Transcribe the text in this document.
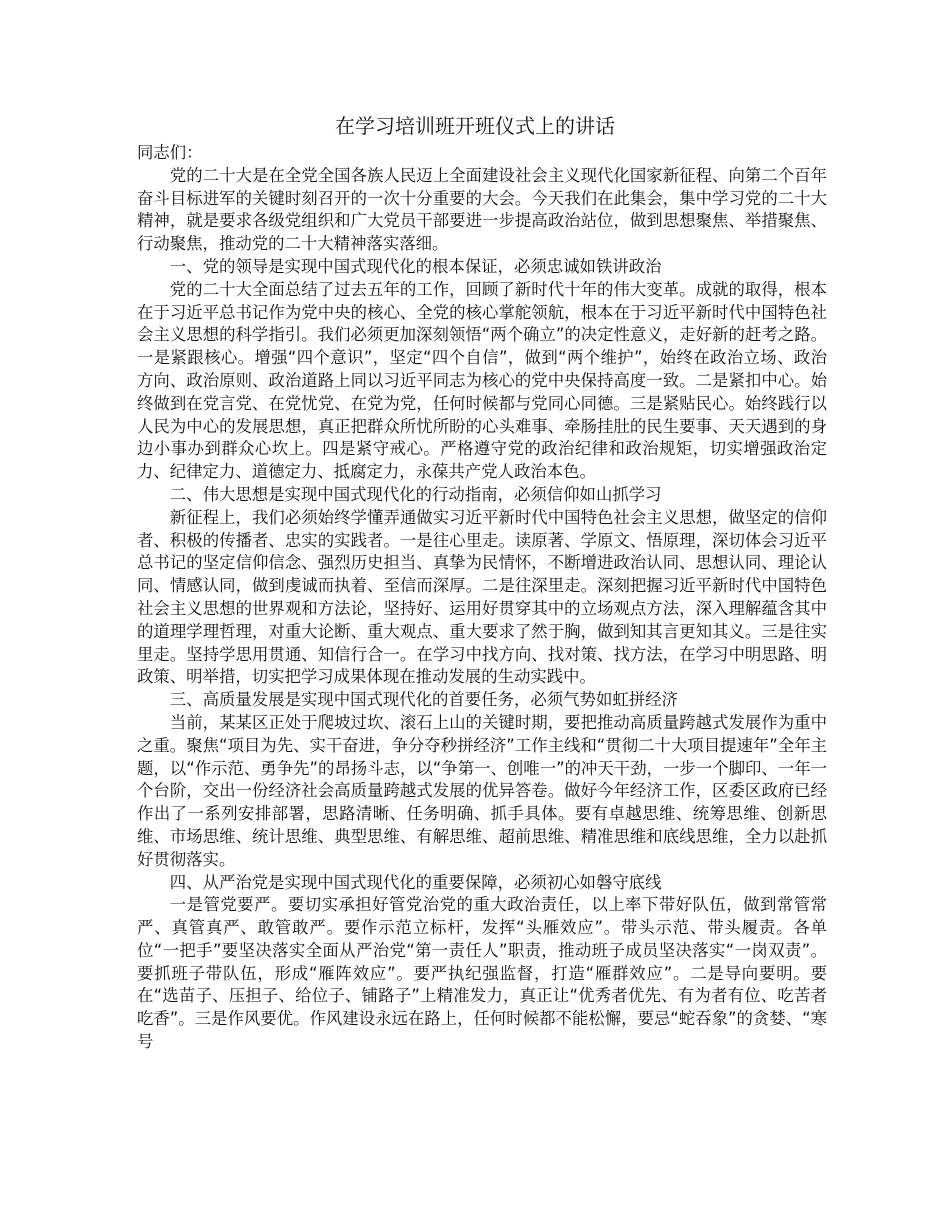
在学习培训班开班仪式上的讲话

同志们：

党的二十大是在全党全国各族人民迈上全面建设社会主义现代化国家新征程、向第二个百年奋斗目标进军的关键时刻召开的一次十分重要的大会。今天我们在此集会，集中学习党的二十大精神，就是要求各级党组织和广大党员干部要进一步提高政治站位，做到思想聚焦、举措聚焦、行动聚焦，推动党的二十大精神落实落细。

一、党的领导是实现中国式现代化的根本保证，必须忠诚如铁讲政治

党的二十大全面总结了过去五年的工作，回顾了新时代十年的伟大变革。成就的取得，根本在于习近平总书记作为党中央的核心、全党的核心掌舵领航，根本在于习近平新时代中国特色社会主义思想的科学指引。我们必须更加深刻领悟“两个确立”的决定性意义，走好新的赶考之路。一是紧跟核心。增强“四个意识”，坚定“四个自信”，做到“两个维护”，始终在政治立场、政治方向、政治原则、政治道路上同以习近平同志为核心的党中央保持高度一致。二是紧扣中心。始终做到在党言党、在党忧党、在党为党，任何时候都与党同心同德。三是紧贴民心。始终践行以人民为中心的发展思想，真正把群众所忧所盼的心头难事、牵肠挂肚的民生要事、天天遇到的身边小事办到群众心坎上。四是紧守戒心。严格遵守党的政治纪律和政治规矩，切实增强政治定力、纪律定力、道德定力、抵腐定力，永葆共产党人政治本色。

二、伟大思想是实现中国式现代化的行动指南，必须信仰如山抓学习

新征程上，我们必须始终学懂弄通做实习近平新时代中国特色社会主义思想，做坚定的信仰者、积极的传播者、忠实的实践者。一是往心里走。读原著、学原文、悟原理，深切体会习近平总书记的坚定信仰信念、强烈历史担当、真挚为民情怀，不断增进政治认同、思想认同、理论认同、情感认同，做到虔诚而执着、至信而深厚。二是往深里走。深刻把握习近平新时代中国特色社会主义思想的世界观和方法论，坚持好、运用好贯穿其中的立场观点方法，深入理解蕴含其中的道理学理哲理，对重大论断、重大观点、重大要求了然于胸，做到知其言更知其义。三是往实里走。坚持学思用贯通、知信行合一。在学习中找方向、找对策、找方法，在学习中明思路、明政策、明举措，切实把学习成果体现在推动发展的生动实践中。

三、高质量发展是实现中国式现代化的首要任务，必须气势如虹拼经济

当前，某某区正处于爬坡过坎、滚石上山的关键时期，要把推动高质量跨越式发展作为重中之重。聚焦“项目为先、实干奋进，争分夺秒拼经济”工作主线和“贯彻二十大项目提速年”全年主题，以“作示范、勇争先”的昂扬斗志，以“争第一、创唯一”的冲天干劲，一步一个脚印、一年一个台阶，交出一份经济社会高质量跨越式发展的优异答卷。做好今年经济工作，区委区政府已经作出了一系列安排部署，思路清晰、任务明确、抓手具体。要有卓越思维、统筹思维、创新思维、市场思维、统计思维、典型思维、有解思维、超前思维、精准思维和底线思维，全力以赴抓好贯彻落实。

四、从严治党是实现中国式现代化的重要保障，必须初心如磐守底线

一是管党要严。要切实承担好管党治党的重大政治责任，以上率下带好队伍，做到常管常严、真管真严、敢管敢严。要作示范立标杆，发挥“头雁效应”。带头示范、带头履责。各单位“一把手”要坚决落实全面从严治党“第一责任人”职责，推动班子成员坚决落实“一岗双责”。要抓班子带队伍，形成“雁阵效应”。要严执纪强监督，打造“雁群效应”。二是导向要明。要在“选苗子、压担子、给位子、铺路子”上精准发力，真正让“优秀者优先、有为者有位、吃苦者吃香”。三是作风要优。作风建设永远在路上，任何时候都不能松懈，要忌“蛇吞象”的贪婪、“寒号
